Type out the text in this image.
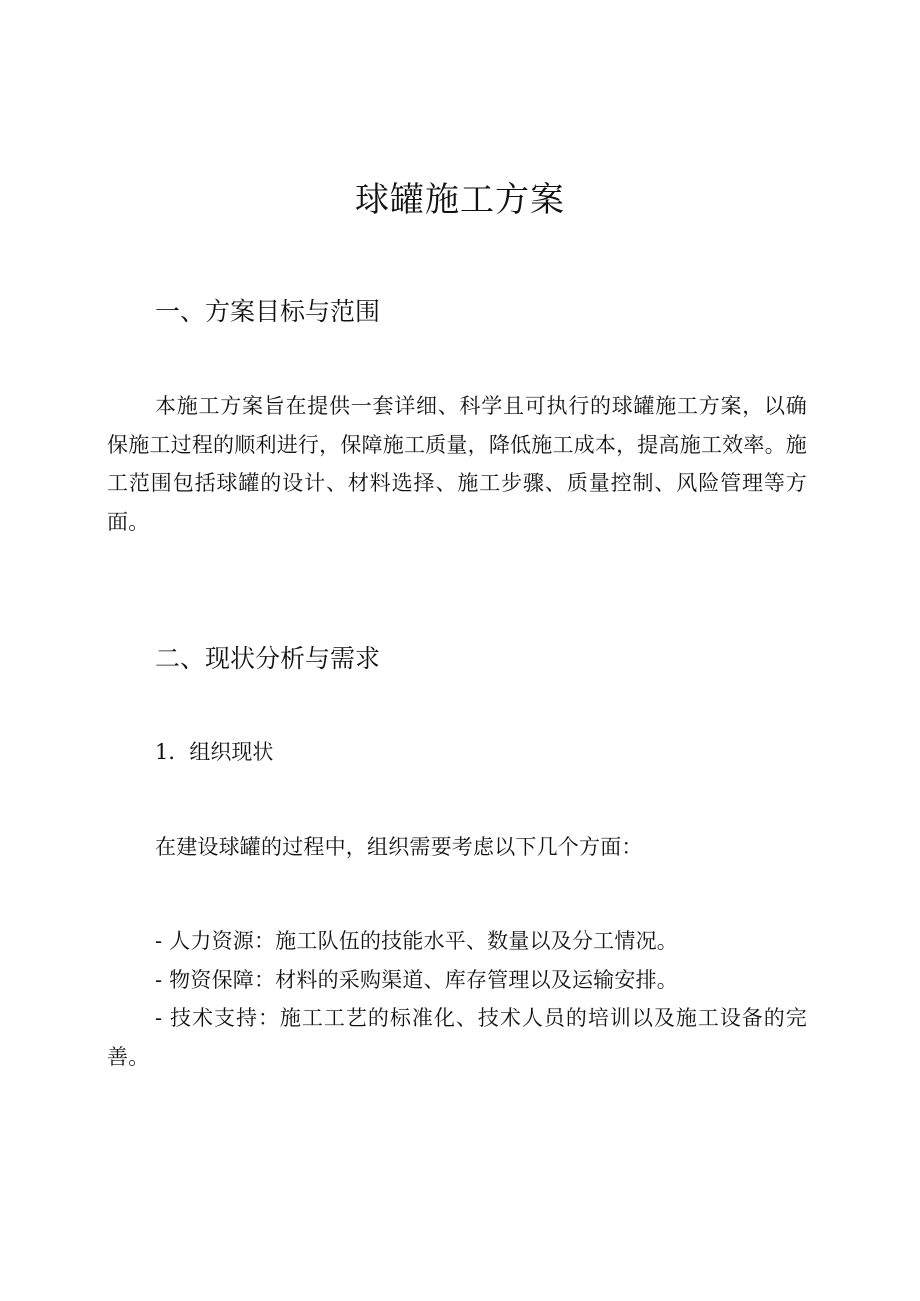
球罐施工方案
一、方案目标与范围

本施工方案旨在提供一套详细、科学且可执行的球罐施工方案，以确保施工过程的顺利进行，保障施工质量，降低施工成本，提高施工效率。施工范围包括球罐的设计、材料选择、施工步骤、质量控制、风险管理等方面。

二、现状分析与需求

1．组织现状

在建设球罐的过程中，组织需要考虑以下几个方面：

- 人力资源：施工队伍的技能水平、数量以及分工情况。
- 物资保障：材料的采购渠道、库存管理以及运输安排。
- 技术支持：施工工艺的标准化、技术人员的培训以及施工设备的完善。
